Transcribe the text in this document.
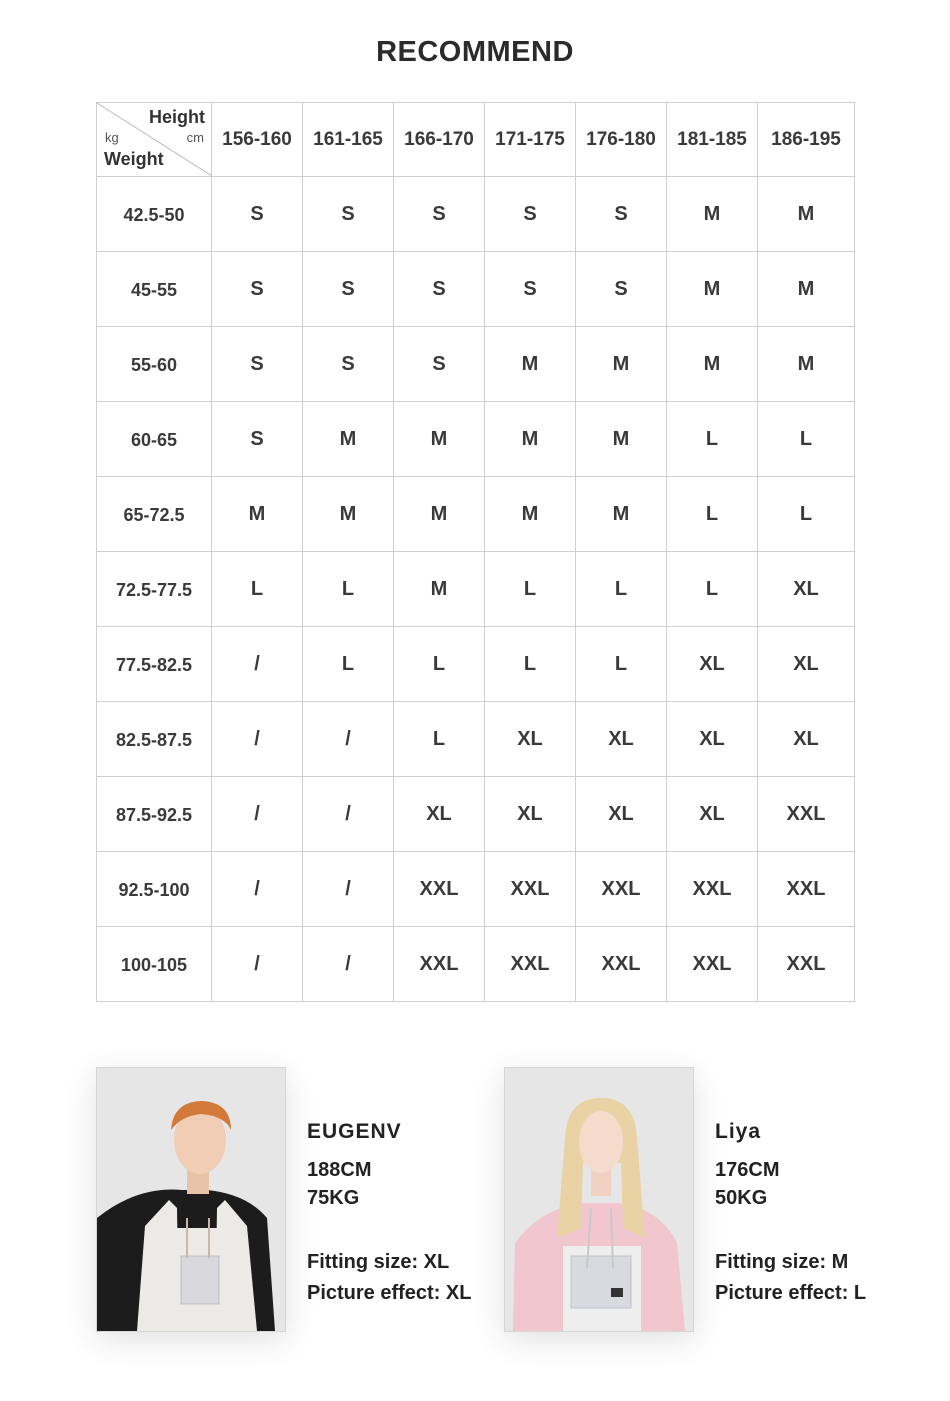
RECOMMEND
Height
cm
kg
Weight	156-160	161-165	166-170	171-175	176-180	181-185	186-195
42.5-50	S	S	S	S	S	M	M
45-55	S	S	S	S	S	M	M
55-60	S	S	S	M	M	M	M
60-65	S	M	M	M	M	L	L
65-72.5	M	M	M	M	M	L	L
72.5-77.5	L	L	M	L	L	L	XL
77.5-82.5	/	L	L	L	L	XL	XL
82.5-87.5	/	/	L	XL	XL	XL	XL
87.5-92.5	/	/	XL	XL	XL	XL	XXL
92.5-100	/	/	XXL	XXL	XXL	XXL	XXL
100-105	/	/	XXL	XXL	XXL	XXL	XXL
EUGENV
188CM
75KG
Fitting size: XL
Picture effect: XL
Liya
176CM
50KG
Fitting size: M
Picture effect: L
